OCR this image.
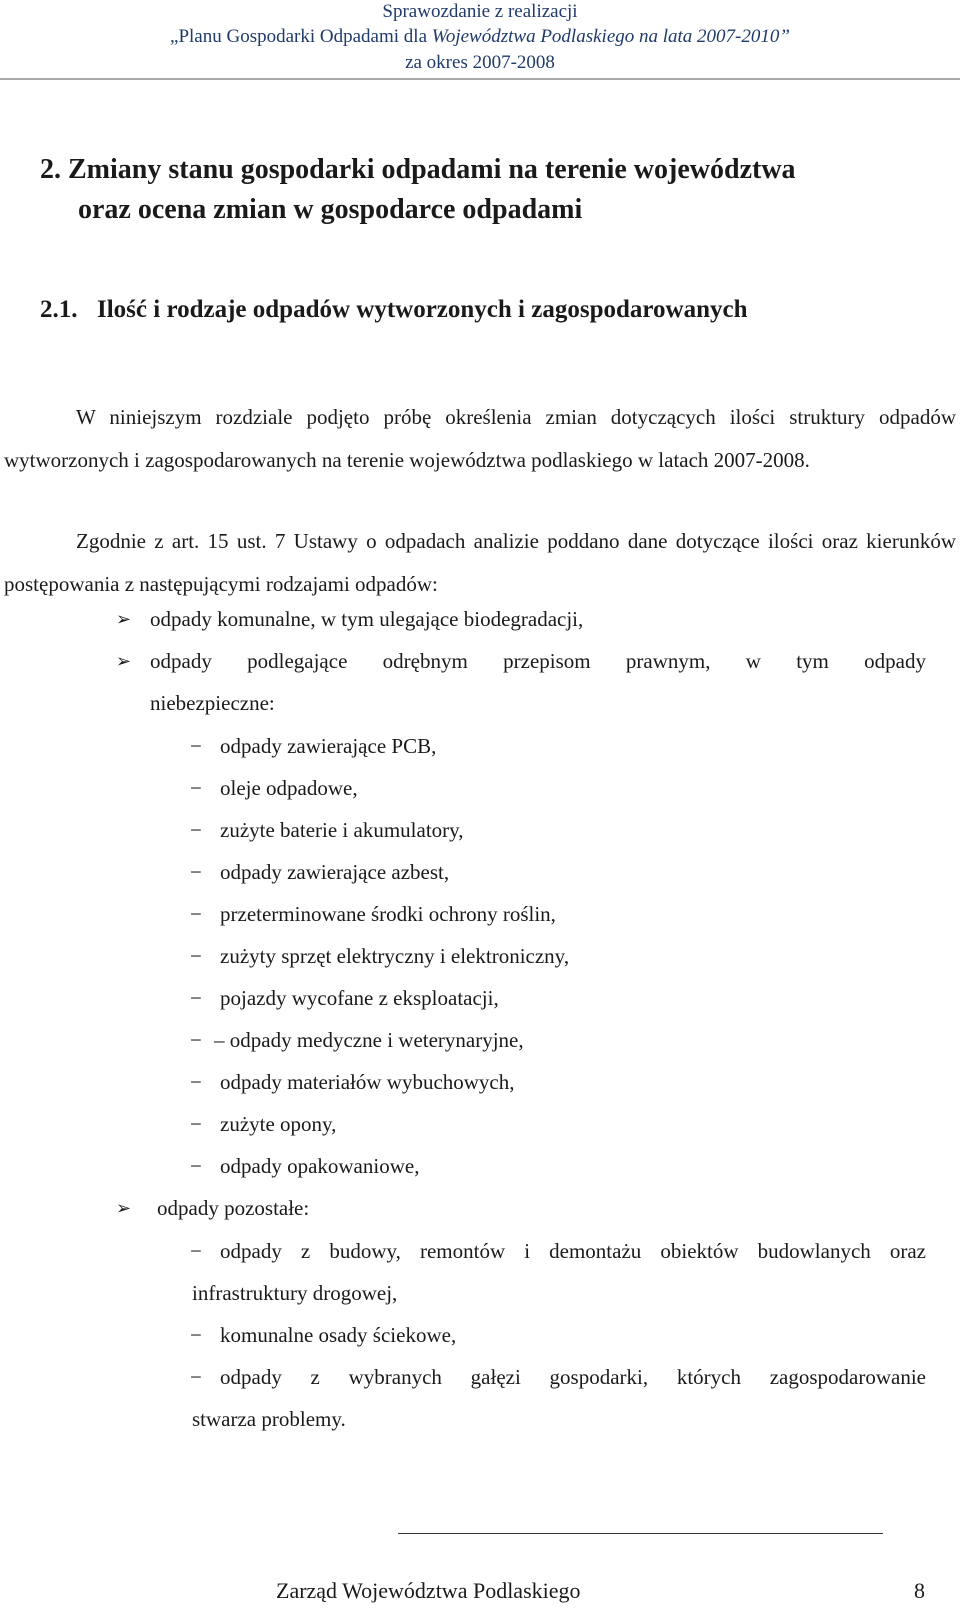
Sprawozdanie z realizacji
„Planu Gospodarki Odpadami dla Województwa Podlaskiego na lata 2007-2010”
za okres 2007-2008
2. Zmiany stanu gospodarki odpadami na terenie województwa
oraz ocena zmian w gospodarce odpadami
2.1. Ilość i rodzaje odpadów wytworzonych i zagospodarowanych
W niniejszym rozdziale podjęto próbę określenia zmian dotyczących ilości struktury odpadów wytworzonych i zagospodarowanych na terenie województwa podlaskiego w latach 2007-2008.
Zgodnie z art. 15 ust. 7 Ustawy o odpadach analizie poddano dane dotyczące ilości oraz kierunków postępowania z następującymi rodzajami odpadów:
➢ odpady komunalne, w tym ulegające biodegradacji,
➢ odpady podlegające odrębnym przepisom prawnym, w tym odpady
niebezpieczne:
− odpady zawierające PCB,
− oleje odpadowe,
− zużyte baterie i akumulatory,
− odpady zawierające azbest,
− przeterminowane środki ochrony roślin,
− zużyty sprzęt elektryczny i elektroniczny,
− pojazdy wycofane z eksploatacji,
− – odpady medyczne i weterynaryjne,
− odpady materiałów wybuchowych,
− zużyte opony,
− odpady opakowaniowe,
➢ odpady pozostałe:
− odpady z budowy, remontów i demontażu obiektów budowlanych oraz
infrastruktury drogowej,
− komunalne osady ściekowe,
− odpady z wybranych gałęzi gospodarki, których zagospodarowanie
stwarza problemy.
Zarząd Województwa Podlaskiego	8
